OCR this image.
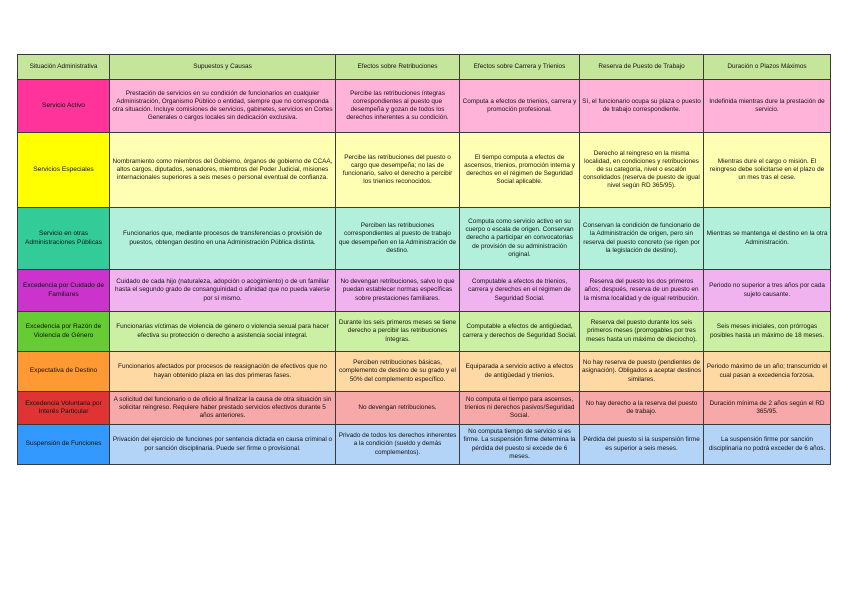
Situación Administrativa	Supuestos y Causas	Efectos sobre Retribuciones	Efectos sobre Carrera y Trienios	Reserva de Puesto de Trabajo	Duración o Plazos Máximos
Servicio Activo	Prestación de servicios en su condición de funcionarios en cualquier Administración, Organismo Público o entidad, siempre que no corresponda otra situación. Incluye comisiones de servicios, gabinetes, servicios en Cortes Generales o cargos locales sin dedicación exclusiva.	Percibe las retribuciones íntegras correspondientes al puesto que desempeña y gozan de todos los derechos inherentes a su condición.	Computa a efectos de trienios, carrera y promoción profesional.	Sí, el funcionario ocupa su plaza o puesto de trabajo correspondiente.	Indefinida mientras dure la prestación de servicio.
Servicios Especiales	Nombramiento como miembros del Gobierno, órganos de gobierno de CCAA, altos cargos, diputados, senadores, miembros del Poder Judicial, misiones internacionales superiores a seis meses o personal eventual de confianza.	Percibe las retribuciones del puesto o cargo que desempeña; no las de funcionario, salvo el derecho a percibir los trienios reconocidos.	El tiempo computa a efectos de ascensos, trienios, promoción interna y derechos en el régimen de Seguridad Social aplicable.	Derecho al reingreso en la misma localidad, en condiciones y retribuciones de su categoría, nivel o escalón consolidados (reserva de puesto de igual nivel según RD 365/95).	Mientras dure el cargo o misión. El reingreso debe solicitarse en el plazo de un mes tras el cese.
Servicio en otras Administraciones Públicas	Funcionarios que, mediante procesos de transferencias o provisión de puestos, obtengan destino en una Administración Pública distinta.	Perciben las retribuciones correspondientes al puesto de trabajo que desempeñen en la Administración de destino.	Computa como servicio activo en su cuerpo o escala de origen. Conservan derecho a participar en convocatorias de provisión de su administración original.	Conservan la condición de funcionario de la Administración de origen, pero sin reserva del puesto concreto (se rigen por la legislación de destino).	Mientras se mantenga el destino en la otra Administración.
Excedencia por Cuidado de Familiares	Cuidado de cada hijo (naturaleza, adopción o acogimiento) o de un familiar hasta el segundo grado de consanguinidad o afinidad que no pueda valerse por sí mismo.	No devengan retribuciones, salvo lo que puedan establecer normas específicas sobre prestaciones familiares.	Computable a efectos de trienios, carrera y derechos en el régimen de Seguridad Social.	Reserva del puesto los dos primeros años; después, reserva de un puesto en la misma localidad y de igual retribución.	Periodo no superior a tres años por cada sujeto causante.
Excedencia por Razón de Violencia de Género	Funcionarias víctimas de violencia de género o violencia sexual para hacer efectiva su protección o derecho a asistencia social integral.	Durante los seis primeros meses se tiene derecho a percibir las retribuciones íntegras.	Computable a efectos de antigüedad, carrera y derechos de Seguridad Social.	Reserva del puesto durante los seis primeros meses (prorrogables por tres meses hasta un máximo de dieciocho).	Seis meses iniciales, con prórrogas posibles hasta un máximo de 18 meses.
Expectativa de Destino	Funcionarios afectados por procesos de reasignación de efectivos que no hayan obtenido plaza en las dos primeras fases.	Perciben retribuciones básicas, complemento de destino de su grado y el 50% del complemento específico.	Equiparada a servicio activo a efectos de antigüedad y trienios.	No hay reserva de puesto (pendientes de asignación). Obligados a aceptar destinos similares.	Periodo máximo de un año; transcurrido el cual pasan a excedencia forzosa.
Excedencia Voluntaria por Interés Particular	A solicitud del funcionario o de oficio al finalizar la causa de otra situación sin solicitar reingreso. Requiere haber prestado servicios efectivos durante 5 años anteriores.	No devengan retribuciones.	No computa el tiempo para ascensos, trienios ni derechos pasivos/Seguridad Social.	No hay derecho a la reserva del puesto de trabajo.	Duración mínima de 2 años según el RD 365/95.
Suspensión de Funciones	Privación del ejercicio de funciones por sentencia dictada en causa criminal o por sanción disciplinaria. Puede ser firme o provisional.	Privado de todos los derechos inherentes a la condición (sueldo y demás complementos).	No computa tiempo de servicio si es firme. La suspensión firme determina la pérdida del puesto si excede de 6 meses.	Pérdida del puesto si la suspensión firme es superior a seis meses.	La suspensión firme por sanción disciplinaria no podrá exceder de 6 años.
